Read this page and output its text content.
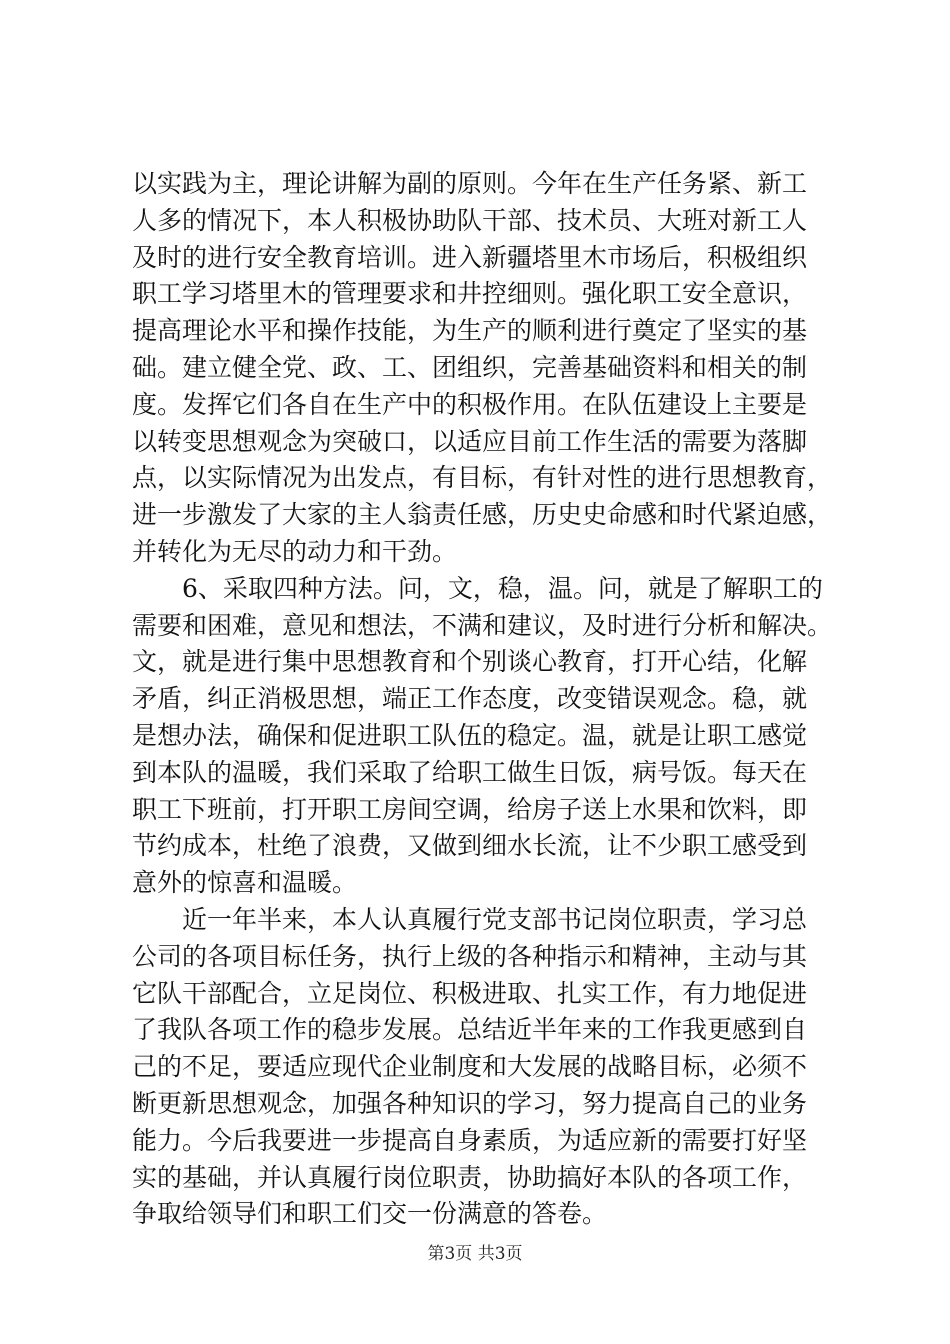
以实践为主，理论讲解为副的原则。今年在生产任务紧、新工
人多的情况下，本人积极协助队干部、技术员、大班对新工人
及时的进行安全教育培训。进入新疆塔里木市场后，积极组织
职工学习塔里木的管理要求和井控细则。强化职工安全意识，
提高理论水平和操作技能，为生产的顺利进行奠定了坚实的基
础。建立健全党、政、工、团组织，完善基础资料和相关的制
度。发挥它们各自在生产中的积极作用。在队伍建设上主要是
以转变思想观念为突破口，以适应目前工作生活的需要为落脚
点，以实际情况为出发点，有目标，有针对性的进行思想教育，
进一步激发了大家的主人翁责任感，历史史命感和时代紧迫感，
并转化为无尽的动力和干劲。
　　6、采取四种方法。问，文，稳，温。问，就是了解职工的
需要和困难，意见和想法，不满和建议，及时进行分析和解决。
文，就是进行集中思想教育和个别谈心教育，打开心结，化解
矛盾，纠正消极思想，端正工作态度，改变错误观念。稳，就
是想办法，确保和促进职工队伍的稳定。温，就是让职工感觉
到本队的温暖，我们采取了给职工做生日饭，病号饭。每天在
职工下班前，打开职工房间空调，给房子送上水果和饮料，即
节约成本，杜绝了浪费，又做到细水长流，让不少职工感受到
意外的惊喜和温暖。
　　近一年半来，本人认真履行党支部书记岗位职责，学习总
公司的各项目标任务，执行上级的各种指示和精神，主动与其
它队干部配合，立足岗位、积极进取、扎实工作，有力地促进
了我队各项工作的稳步发展。总结近半年来的工作我更感到自
己的不足，要适应现代企业制度和大发展的战略目标，必须不
断更新思想观念，加强各种知识的学习，努力提高自己的业务
能力。今后我要进一步提高自身素质，为适应新的需要打好坚
实的基础，并认真履行岗位职责，协助搞好本队的各项工作，
争取给领导们和职工们交一份满意的答卷。
第3页 共3页
